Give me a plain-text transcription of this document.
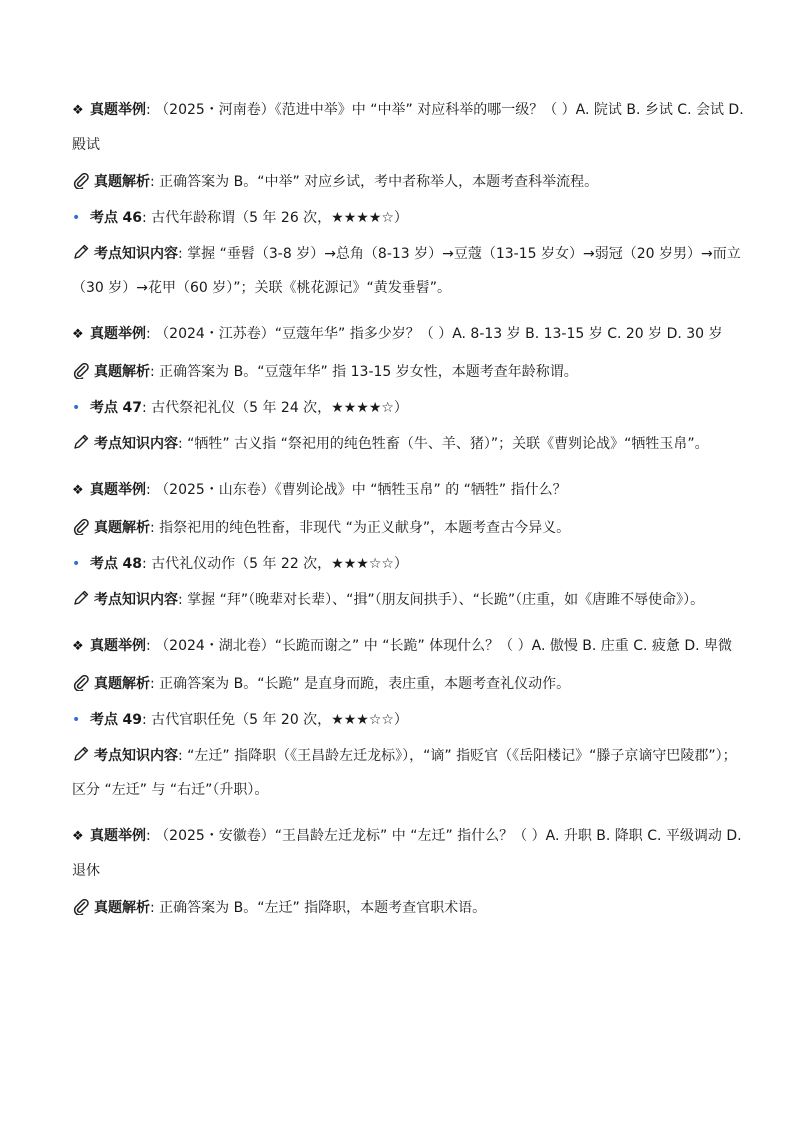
❖ 真题举例: （2025・河南卷）《范进中举》中 “中举” 对应科举的哪一级？（ ）A. 院试 B. 乡试 C. 会试 D. 殿试

真题解析: 正确答案为 B。“中举” 对应乡试，考中者称举人，本题考查科举流程。

• 考点 46: 古代年龄称谓（5 年 26 次，★★★★☆）

考点知识内容: 掌握 “垂髫（3-8 岁）→总角（8-13 岁）→豆蔻（13-15 岁女）→弱冠（20 岁男）→而立（30 岁）→花甲（60 岁）”；关联《桃花源记》“黄发垂髫”。

❖ 真题举例: （2024・江苏卷）“豆蔻年华” 指多少岁？（ ）A. 8-13 岁 B. 13-15 岁 C. 20 岁 D. 30 岁

真题解析: 正确答案为 B。“豆蔻年华” 指 13-15 岁女性，本题考查年龄称谓。

• 考点 47: 古代祭祀礼仪（5 年 24 次，★★★★☆）

考点知识内容: “牺牲” 古义指 “祭祀用的纯色牲畜（牛、羊、猪）”；关联《曹刿论战》“牺牲玉帛”。

❖ 真题举例: （2025・山东卷）《曹刿论战》中 “牺牲玉帛” 的 “牺牲” 指什么？

真题解析: 指祭祀用的纯色牲畜，非现代 “为正义献身”，本题考查古今异义。

• 考点 48: 古代礼仪动作（5 年 22 次，★★★☆☆）

考点知识内容: 掌握 “拜”（晚辈对长辈）、“揖”（朋友间拱手）、“长跪”（庄重，如《唐雎不辱使命》）。

❖ 真题举例: （2024・湖北卷）“长跪而谢之” 中 “长跪” 体现什么？（ ）A. 傲慢 B. 庄重 C. 疲惫 D. 卑微

真题解析: 正确答案为 B。“长跪” 是直身而跪，表庄重，本题考查礼仪动作。

• 考点 49: 古代官职任免（5 年 20 次，★★★☆☆）

考点知识内容: “左迁” 指降职（《王昌龄左迁龙标》），“谪” 指贬官（《岳阳楼记》“滕子京谪守巴陵郡”）；区分 “左迁” 与 “右迁”（升职）。

❖ 真题举例: （2025・安徽卷）“王昌龄左迁龙标” 中 “左迁” 指什么？（ ）A. 升职 B. 降职 C. 平级调动 D. 退休

真题解析: 正确答案为 B。“左迁” 指降职，本题考查官职术语。
